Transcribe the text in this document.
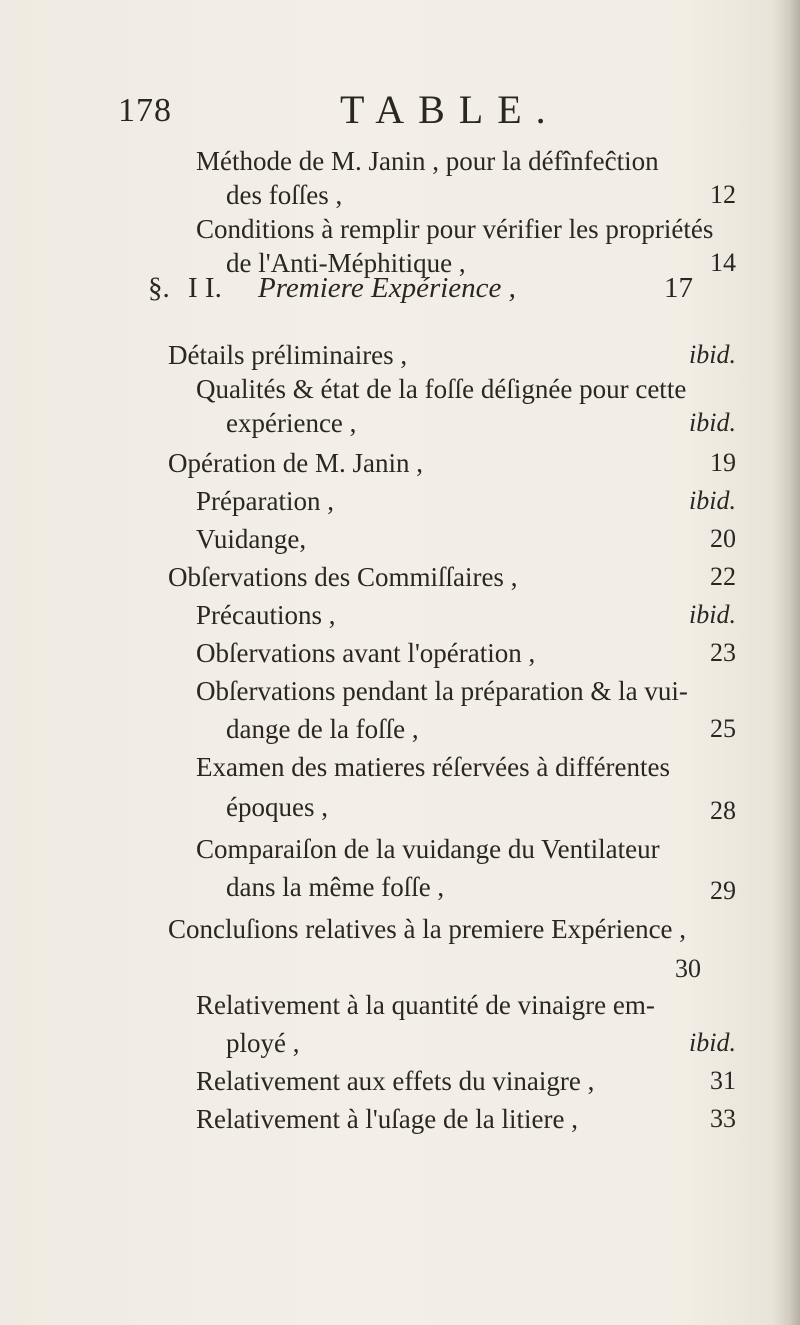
178	TABLE.
Méthode de M. Janin , pour la défînfeĉtion
des foſſes ,	12
Conditions à remplir pour vérifier les propriétés
de l'Anti-Méphitique ,	14
§. I I. Premiere Expérience ,	17
Détails préliminaires ,	ibid.
Qualités & état de la foſſe déſignée pour cette
expérience ,	ibid.
Opération de M. Janin ,	19
Préparation ,	ibid.
Vuidange,	20
Obſervations des Commiſſaires ,	22
Précautions ,	ibid.
Obſervations avant l'opération ,	23
Obſervations pendant la préparation & la vui-
dange de la foſſe ,	25
Examen des matieres réſervées à différentes
époques ,	28
Comparaiſon de la vuidange du Ventilateur
dans la même foſſe ,	29
Concluſions relatives à la premiere Expérience ,
30
Relativement à la quantité de vinaigre em-
ployé ,	ibid.
Relativement aux effets du vinaigre ,	31
Relativement à l'uſage de la litiere ,	33
